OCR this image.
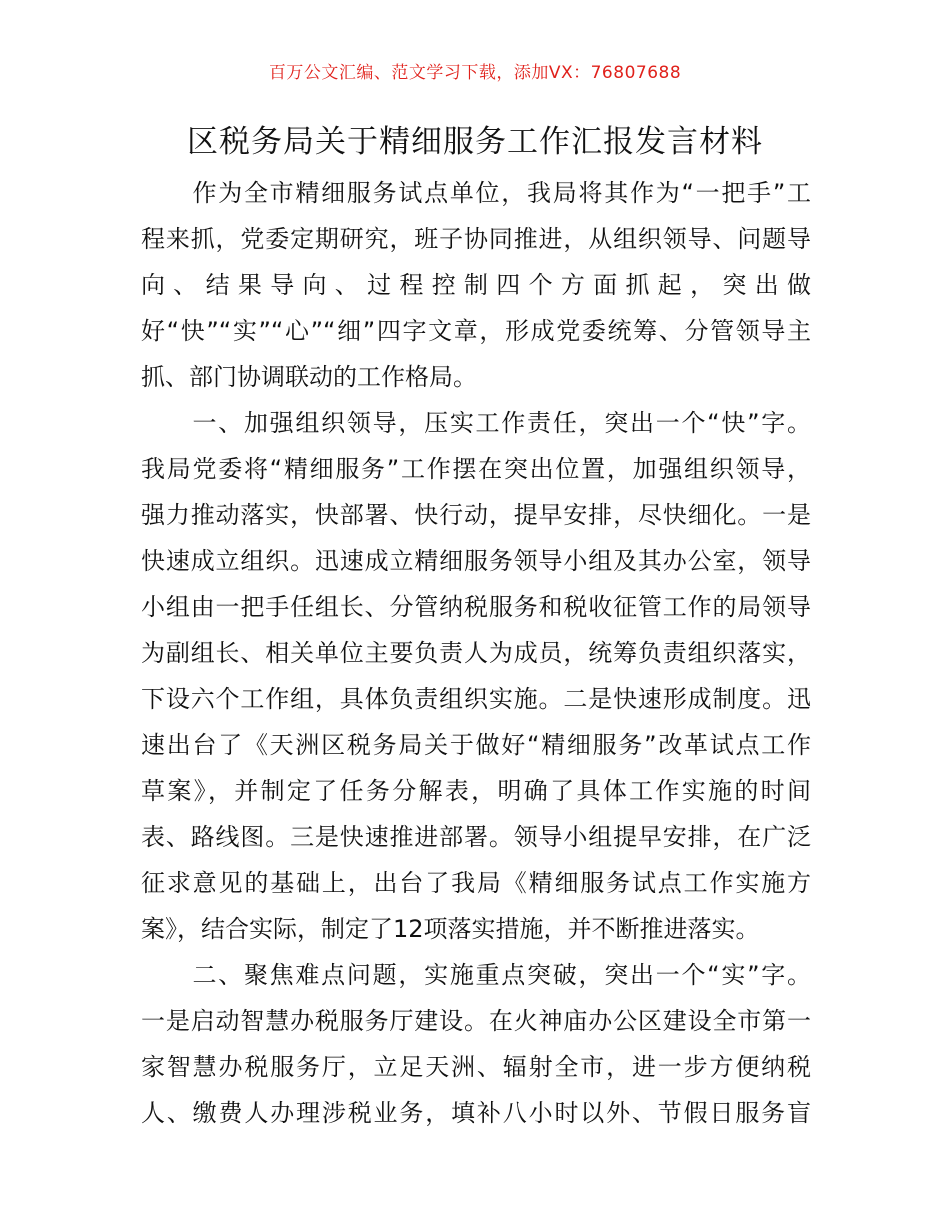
百万公文汇编、范文学习下载，添加VX：76807688
区税务局关于精细服务工作汇报发言材料
　　作为全市精细服务试点单位，我局将其作为“一把手”工
程来抓，党委定期研究，班子协同推进，从组织领导、问题导
向、结果导向、过程控制四个方面抓起，突出做
好“快”“实”“心”“细”四字文章，形成党委统筹、分管领导主
抓、部门协调联动的工作格局。
　　一、加强组织领导，压实工作责任，突出一个“快”字。
我局党委将“精细服务”工作摆在突出位置，加强组织领导，
强力推动落实，快部署、快行动，提早安排，尽快细化。一是
快速成立组织。迅速成立精细服务领导小组及其办公室，领导
小组由一把手任组长、分管纳税服务和税收征管工作的局领导
为副组长、相关单位主要负责人为成员，统筹负责组织落实，
下设六个工作组，具体负责组织实施。二是快速形成制度。迅
速出台了《天洲区税务局关于做好“精细服务”改革试点工作
草案》，并制定了任务分解表，明确了具体工作实施的时间
表、路线图。三是快速推进部署。领导小组提早安排，在广泛
征求意见的基础上，出台了我局《精细服务试点工作实施方
案》，结合实际，制定了12项落实措施，并不断推进落实。
　　二、聚焦难点问题，实施重点突破，突出一个“实”字。
一是启动智慧办税服务厅建设。在火神庙办公区建设全市第一
家智慧办税服务厅，立足天洲、辐射全市，进一步方便纳税
人、缴费人办理涉税业务，填补八小时以外、节假日服务盲
